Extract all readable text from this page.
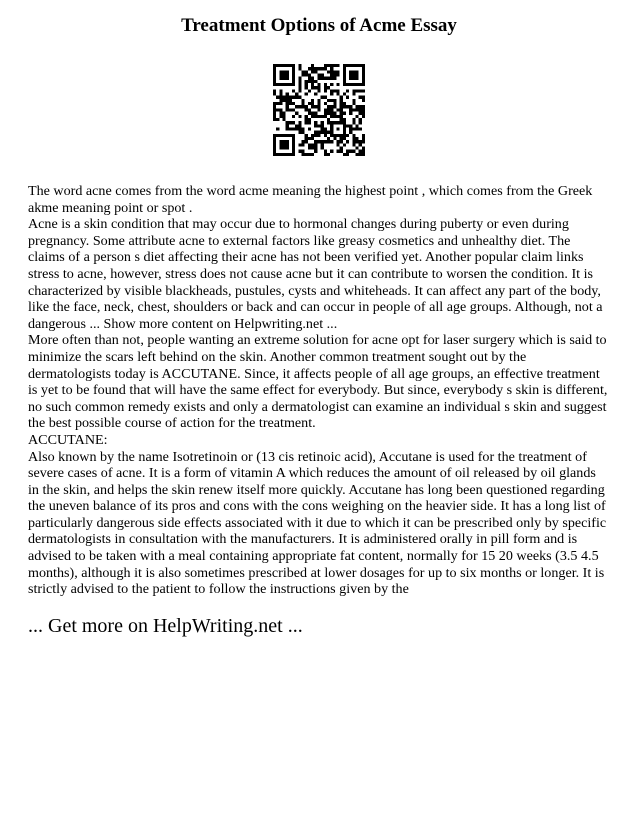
Treatment Options of Acme Essay

The word acne comes from the word acme meaning the highest point , which comes from the Greek akme meaning point or spot .

Acne is a skin condition that may occur due to hormonal changes during puberty or even during pregnancy. Some attribute acne to external factors like greasy cosmetics and unhealthy diet. The claims of a person s diet affecting their acne has not been verified yet. Another popular claim links stress to acne, however, stress does not cause acne but it can contribute to worsen the condition. It is characterized by visible blackheads, pustules, cysts and whiteheads. It can affect any part of the body, like the face, neck, chest, shoulders or back and can occur in people of all age groups. Although, not a dangerous ... Show more content on Helpwriting.net ...

More often than not, people wanting an extreme solution for acne opt for laser surgery which is said to minimize the scars left behind on the skin. Another common treatment sought out by the dermatologists today is ACCUTANE. Since, it affects people of all age groups, an effective treatment is yet to be found that will have the same effect for everybody. But since, everybody s skin is different, no such common remedy exists and only a dermatologist can examine an individual s skin and suggest the best possible course of action for the treatment.

ACCUTANE:

Also known by the name Isotretinoin or (13 cis retinoic acid), Accutane is used for the treatment of severe cases of acne. It is a form of vitamin A which reduces the amount of oil released by oil glands in the skin, and helps the skin renew itself more quickly. Accutane has long been questioned regarding the uneven balance of its pros and cons with the cons weighing on the heavier side. It has a long list of particularly dangerous side effects associated with it due to which it can be prescribed only by specific dermatologists in consultation with the manufacturers. It is administered orally in pill form and is advised to be taken with a meal containing appropriate fat content, normally for 15 20 weeks (3.5 4.5 months), although it is also sometimes prescribed at lower dosages for up to six months or longer. It is strictly advised to the patient to follow the instructions given by the

... Get more on HelpWriting.net ...
